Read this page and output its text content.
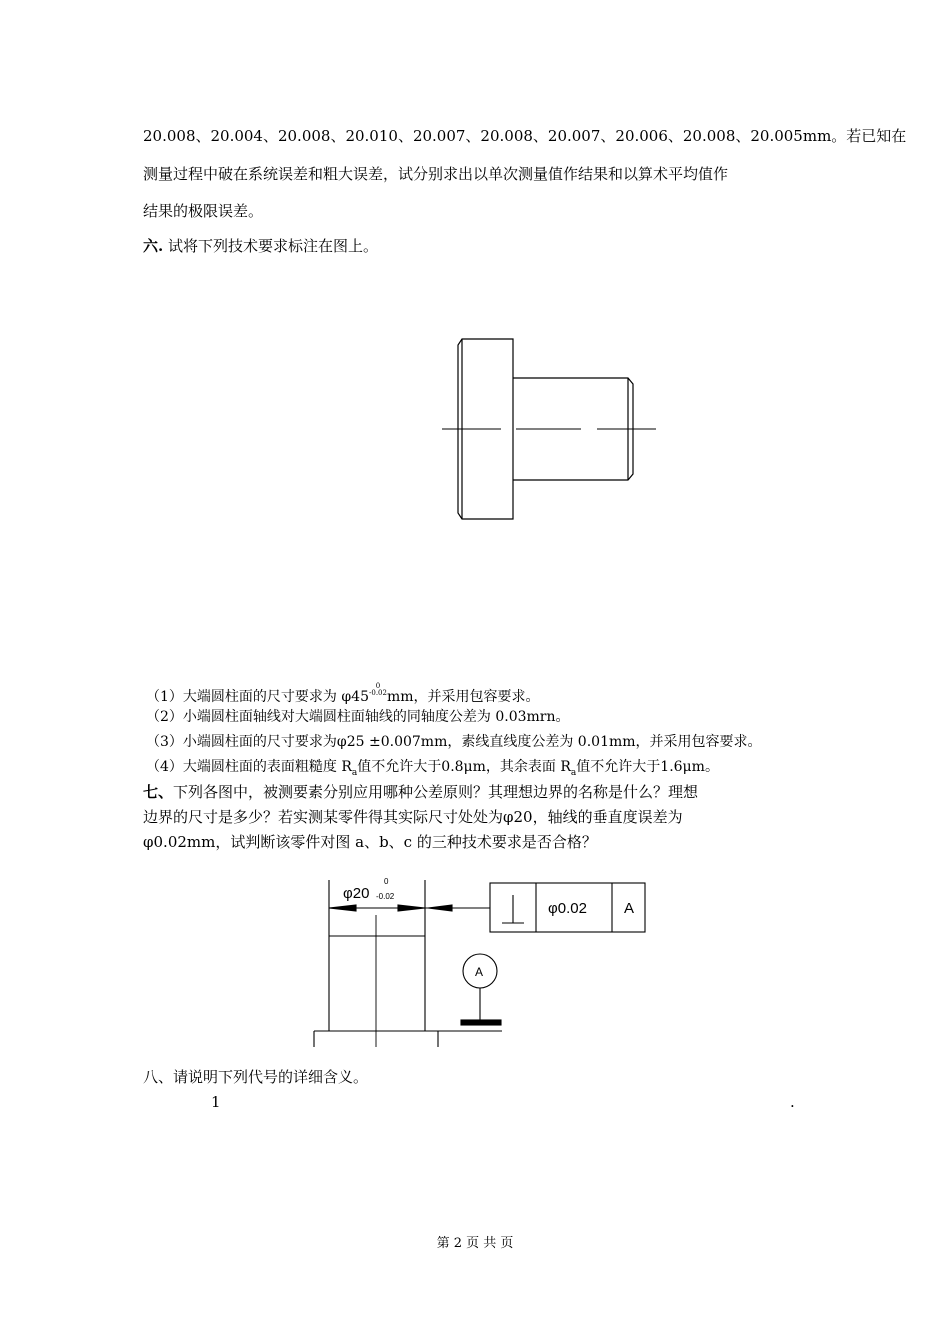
20.008、20.004、20.008、20.010、20.007、20.008、20.007、20.006、20.008、20.005mm。若已知在
测量过程中破在系统误差和粗大误差，试分别求出以单次测量值作结果和以算术平均值作
结果的极限误差。
六. 试将下列技术要求标注在图上。
（1）大端圆柱面的尺寸要求为 $\varphi 45^{0 -0.02}mm$，并采用包容要求。
（2）小端圆柱面轴线对大端圆柱面轴线的同轴度公差为 0.03mrn。
（3）小端圆柱面的尺寸要求为φ25 ±0.007mm，素线直线度公差为 0.01mm，并采用包容要求。
（4）大端圆柱面的表面粗糙度 $R_a$值不允许大于0.8μm，其余表面 $R_a$值不允许大于1.6μm。
七、下列各图中，被测要素分别应用哪种公差原则？其理想边界的名称是什么？理想
边界的尺寸是多少？若实测某零件得其实际尺寸处处为φ20，轴线的垂直度误差为
φ0.02mm，试判断该零件对图 a、b、c 的三种技术要求是否合格？
φ20
0
-0.02
φ0.02 A
A
八、请说明下列代号的详细含义。
1	.
第 2 页 共 页
